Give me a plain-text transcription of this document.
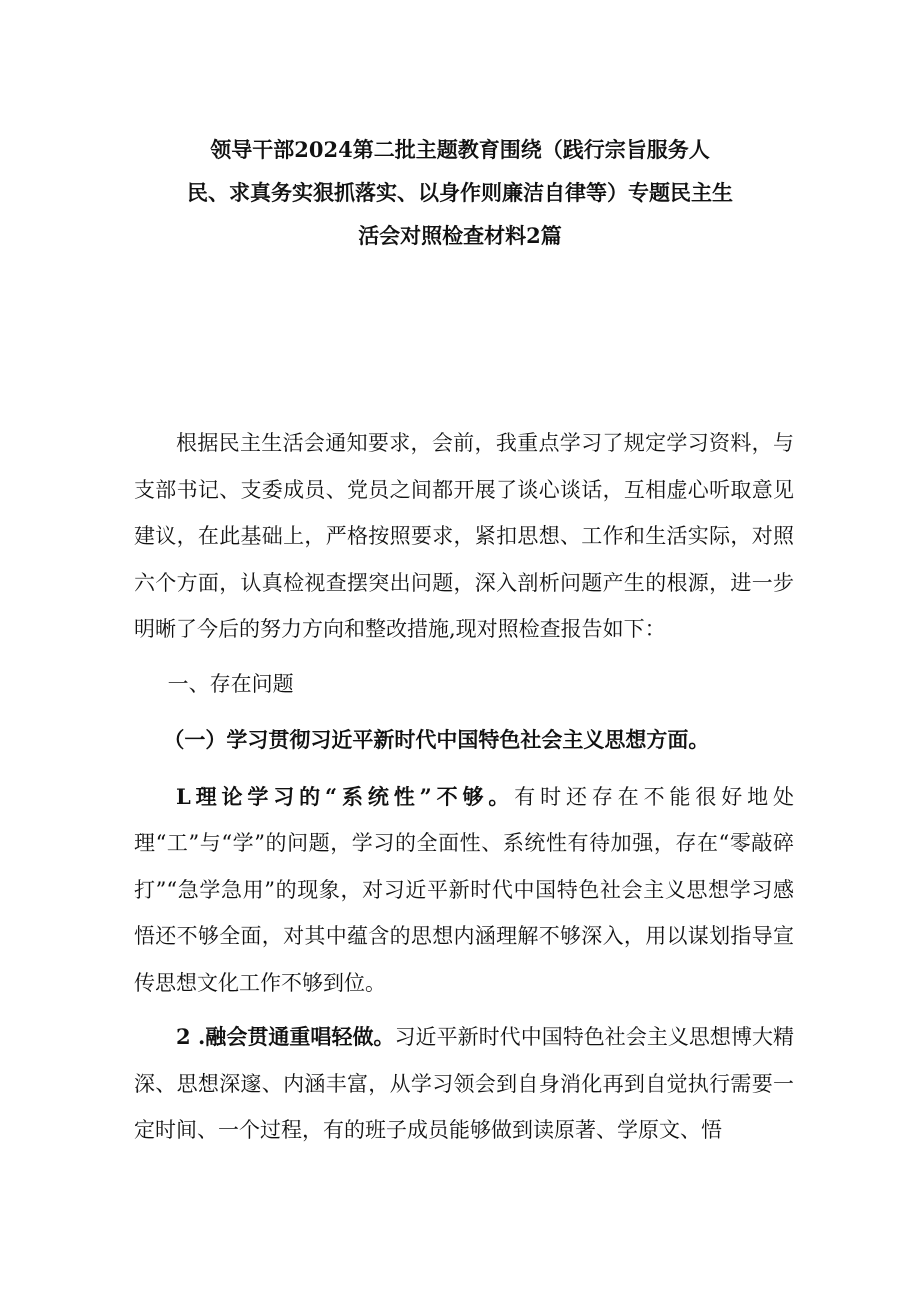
领导干部2024第二批主题教育围绕（践行宗旨服务人
民、求真务实狠抓落实、以身作则廉洁自律等）专题民主生
活会对照检查材料2篇

根据民主生活会通知要求，会前，我重点学习了规定学习资料，与支部书记、支委成员、党员之间都开展了谈心谈话，互相虚心听取意见建议，在此基础上，严格按照要求，紧扣思想、工作和生活实际，对照六个方面，认真检视查摆突出问题，深入剖析问题产生的根源，进一步明晰了今后的努力方向和整改措施,现对照检查报告如下：

一、存在问题

（一）学习贯彻习近平新时代中国特色社会主义思想方面。

L理论学习的“系统性”不够。有时还存在不能很好地处理“工”与“学”的问题，学习的全面性、系统性有待加强，存在“零敲碎打”“急学急用”的现象，对习近平新时代中国特色社会主义思想学习感悟还不够全面，对其中蕴含的思想内涵理解不够深入，用以谋划指导宣传思想文化工作不够到位。

2 .融会贯通重唱轻做。习近平新时代中国特色社会主义思想博大精深、思想深邃、内涵丰富，从学习领会到自身消化再到自觉执行需要一定时间、一个过程，有的班子成员能够做到读原著、学原文、悟
